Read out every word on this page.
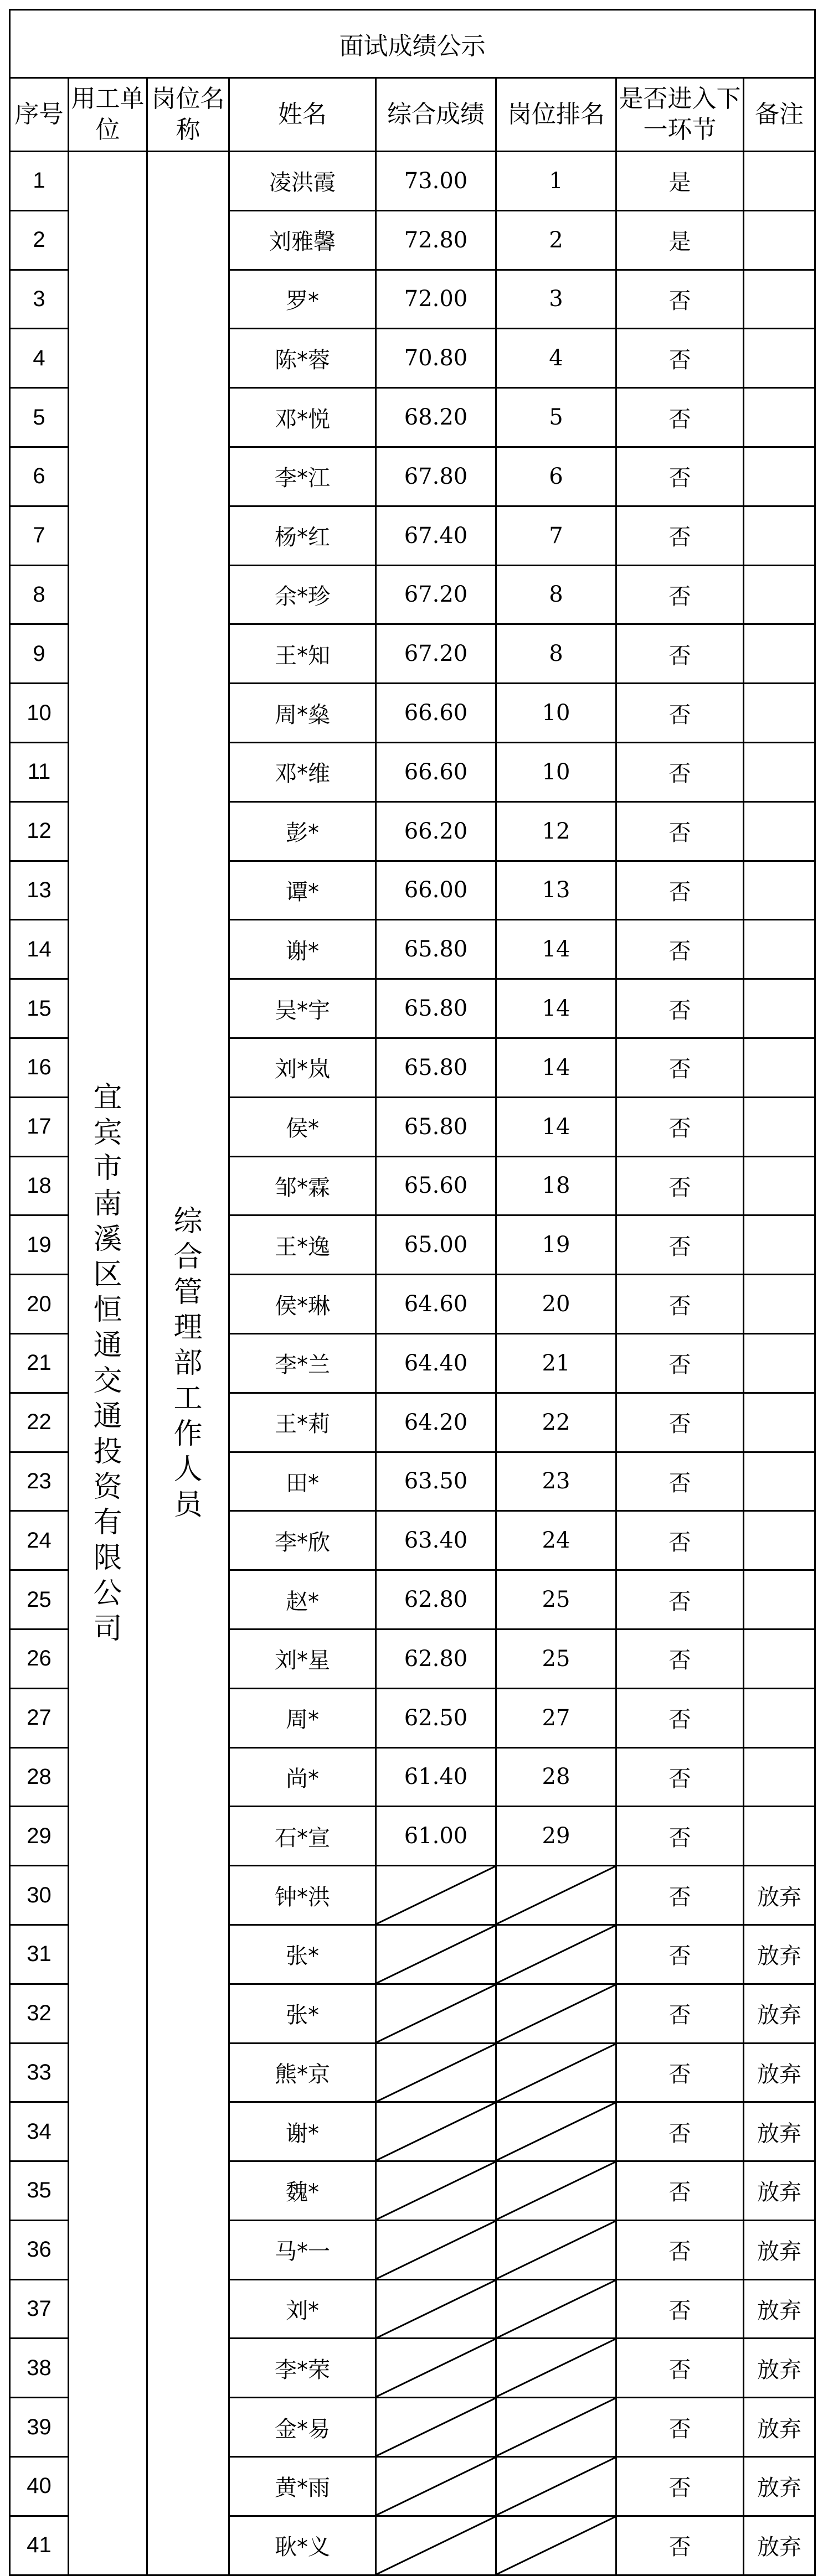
面试成绩公示							
序号	用工单位	岗位名称	姓名	综合成绩	岗位排名	是否进入下一环节	备注
1	宜宾市南溪区恒通交通投资有限公司	综合管理部工作人员	凌洪霞	73.00	1	是	
2			刘雅馨	72.80	2	是	
3			罗*	72.00	3	否	
4			陈*蓉	70.80	4	否	
5			邓*悦	68.20	5	否	
6			李*江	67.80	6	否	
7			杨*红	67.40	7	否	
8			余*珍	67.20	8	否	
9			王*知	67.20	8	否	
10			周*燊	66.60	10	否	
11			邓*维	66.60	10	否	
12			彭*	66.20	12	否	
13			谭*	66.00	13	否	
14			谢*	65.80	14	否	
15			吴*宇	65.80	14	否	
16			刘*岚	65.80	14	否	
17			侯*	65.80	14	否	
18			邹*霖	65.60	18	否	
19			王*逸	65.00	19	否	
20			侯*琳	64.60	20	否	
21			李*兰	64.40	21	否	
22			王*莉	64.20	22	否	
23			田*	63.50	23	否	
24			李*欣	63.40	24	否	
25			赵*	62.80	25	否	
26			刘*星	62.80	25	否	
27			周*	62.50	27	否	
28			尚*	61.40	28	否	
29			石*宣	61.00	29	否	
30			钟*洪			否	放弃
31			张*			否	放弃
32			张*			否	放弃
33			熊*京			否	放弃
34			谢*			否	放弃
35			魏*			否	放弃
36			马*一			否	放弃
37			刘*			否	放弃
38			李*荣			否	放弃
39			金*易			否	放弃
40			黄*雨			否	放弃
41			耿*义			否	放弃
